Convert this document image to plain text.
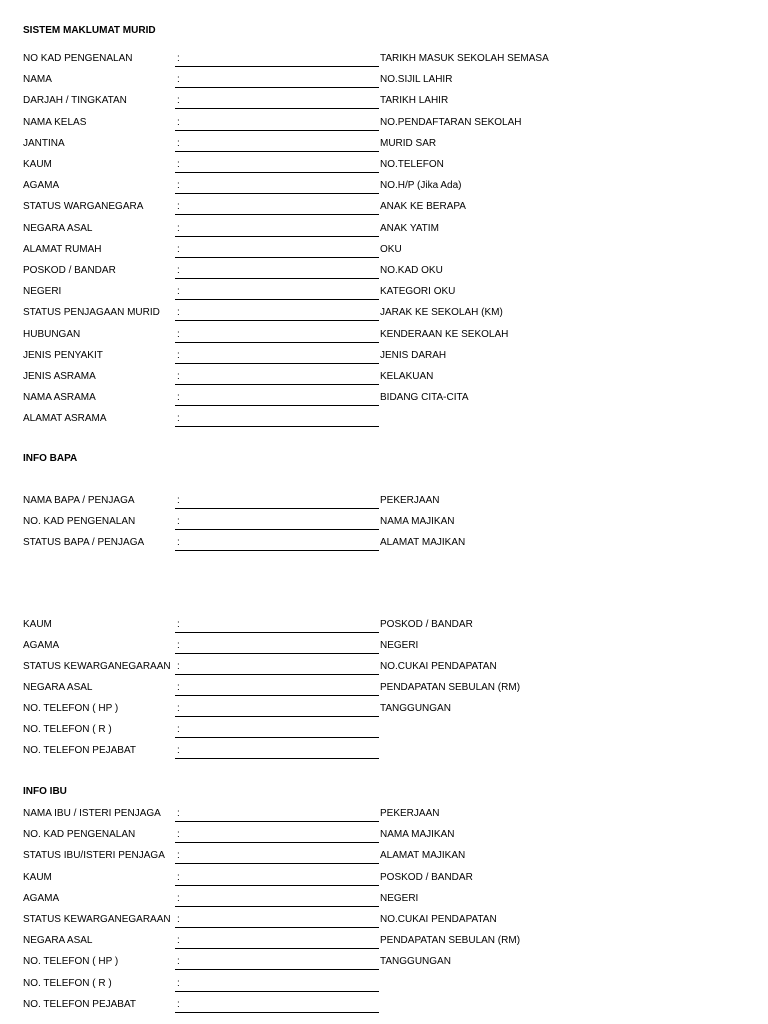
SISTEM MAKLUMAT MURID
INFO BAPA
INFO IBU
NO KAD PENGENALAN	:	TARIKH MASUK SEKOLAH SEMASA
NAMA	:	NO.SIJIL LAHIR
DARJAH / TINGKATAN	:	TARIKH LAHIR
NAMA KELAS	:	NO.PENDAFTARAN SEKOLAH
JANTINA	:	MURID SAR
KAUM	:	NO.TELEFON
AGAMA	:	NO.H/P (Jika Ada)
STATUS WARGANEGARA	:	ANAK KE BERAPA
NEGARA ASAL	:	ANAK YATIM
ALAMAT RUMAH	:	OKU
POSKOD / BANDAR	:	NO.KAD OKU
NEGERI	:	KATEGORI OKU
STATUS PENJAGAAN MURID :	JARAK KE SEKOLAH (KM)
HUBUNGAN	:	KENDERAAN KE SEKOLAH
JENIS PENYAKIT	:	JENIS DARAH
JENIS ASRAMA	:	KELAKUAN
NAMA ASRAMA	:	BIDANG CITA-CITA
ALAMAT ASRAMA	:
NAMA BAPA / PENJAGA	:	PEKERJAAN
NO. KAD PENGENALAN	:	NAMA MAJIKAN
STATUS BAPA / PENJAGA	:	ALAMAT MAJIKAN
KAUM	:	POSKOD / BANDAR
AGAMA	:	NEGERI
STATUS KEWARGANEGARAAN :	NO.CUKAI PENDAPATAN
NEGARA ASAL	:	PENDAPATAN SEBULAN (RM)
NO. TELEFON ( HP )	:	TANGGUNGAN
NO. TELEFON ( R )	:
NO. TELEFON PEJABAT	:
NAMA IBU / ISTERI PENJAGA :	PEKERJAAN
NO. KAD PENGENALAN	:	NAMA MAJIKAN
STATUS IBU/ISTERI PENJAGA :	ALAMAT MAJIKAN
KAUM	:	POSKOD / BANDAR
AGAMA	:	NEGERI
STATUS KEWARGANEGARAAN :	NO.CUKAI PENDAPATAN
NEGARA ASAL	:	PENDAPATAN SEBULAN (RM)
NO. TELEFON ( HP )	:	TANGGUNGAN
NO. TELEFON ( R )	:
NO. TELEFON PEJABAT	:
